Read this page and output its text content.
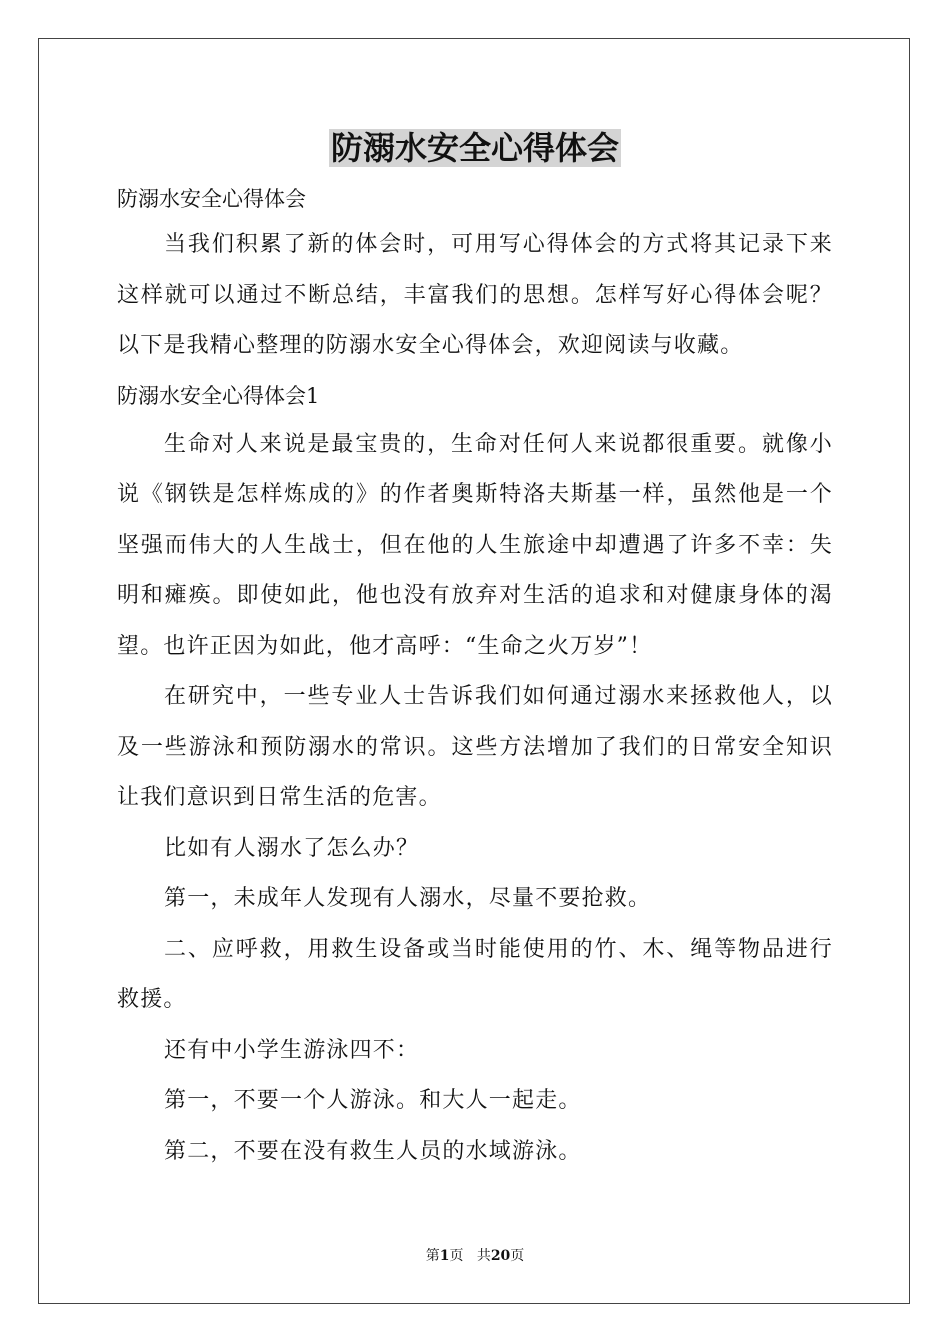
防溺水安全心得体会

防溺水安全心得体会

当我们积累了新的体会时，可用写心得体会的方式将其记录下来这样就可以通过不断总结，丰富我们的思想。怎样写好心得体会呢？以下是我精心整理的防溺水安全心得体会，欢迎阅读与收藏。

防溺水安全心得体会1

生命对人来说是最宝贵的，生命对任何人来说都很重要。就像小说《钢铁是怎样炼成的》的作者奥斯特洛夫斯基一样，虽然他是一个坚强而伟大的人生战士，但在他的人生旅途中却遭遇了许多不幸：失明和瘫痪。即使如此，他也没有放弃对生活的追求和对健康身体的渴望。也许正因为如此，他才高呼：“生命之火万岁”！

在研究中，一些专业人士告诉我们如何通过溺水来拯救他人，以及一些游泳和预防溺水的常识。这些方法增加了我们的日常安全知识让我们意识到日常生活的危害。

比如有人溺水了怎么办？

第一，未成年人发现有人溺水，尽量不要抢救。

二、应呼救，用救生设备或当时能使用的竹、木、绳等物品进行救援。

还有中小学生游泳四不：

第一，不要一个人游泳。和大人一起走。

第二，不要在没有救生人员的水域游泳。

第1页 共20页
